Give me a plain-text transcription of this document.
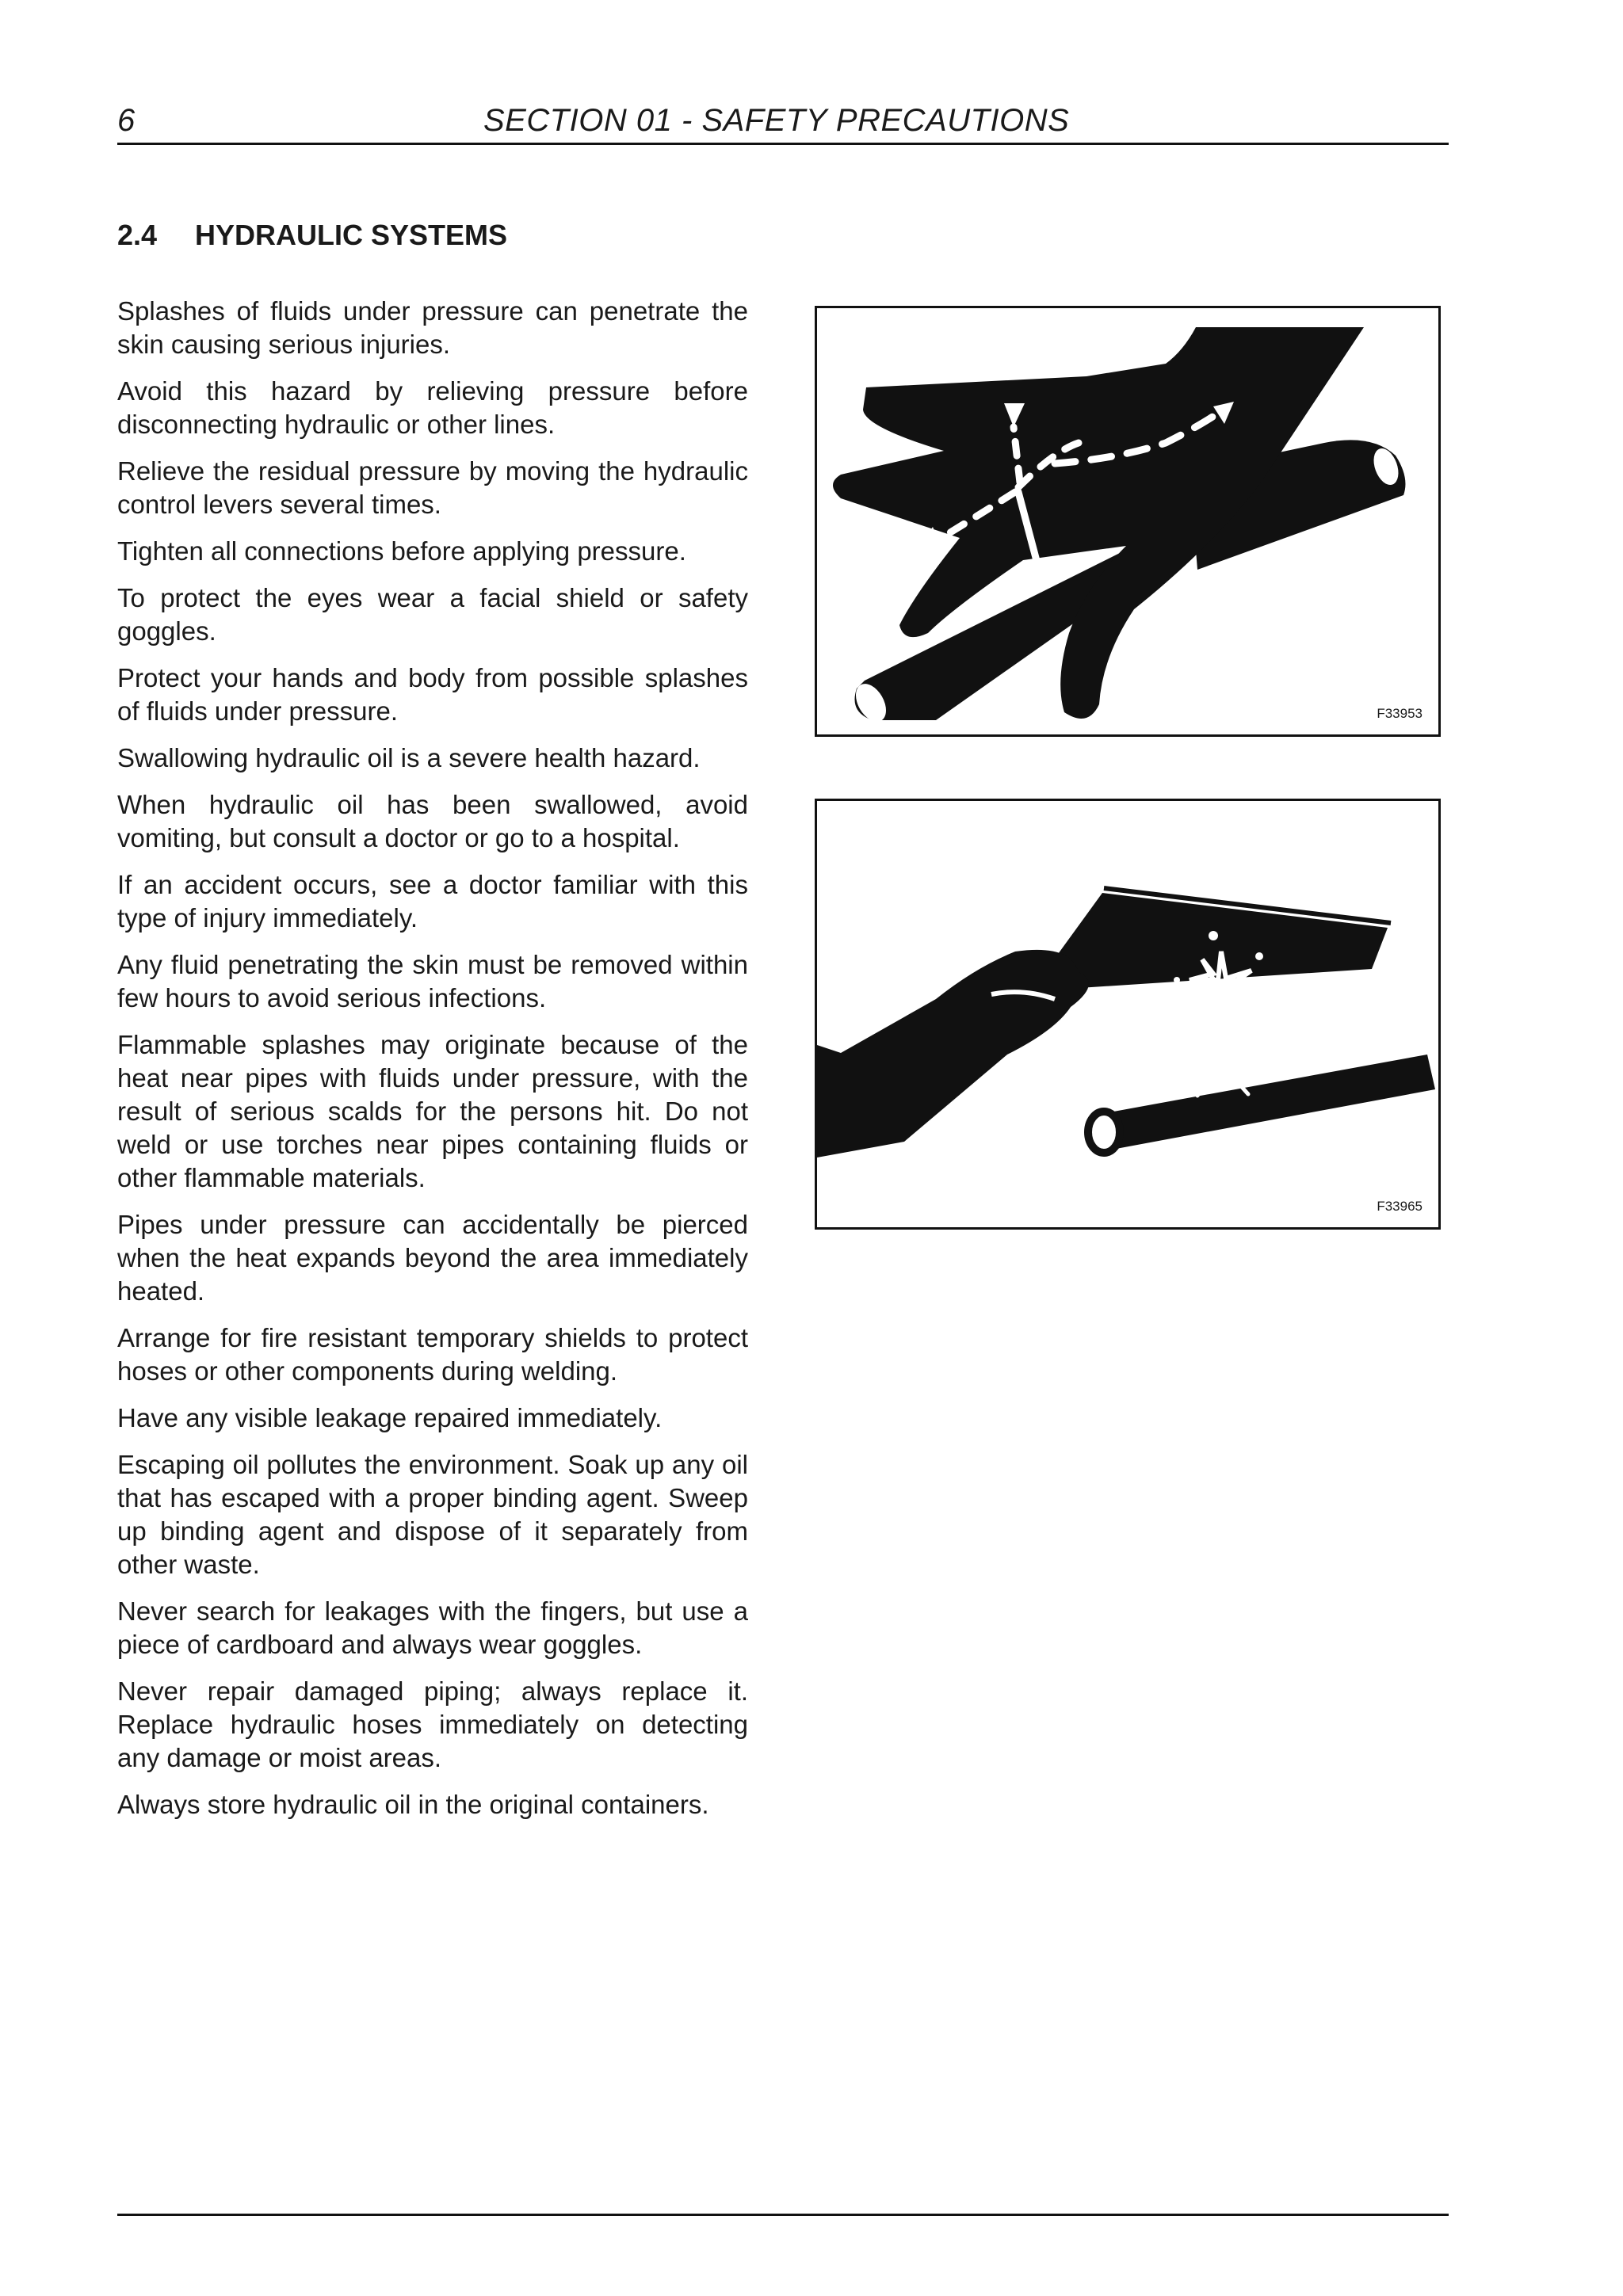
6	SECTION 01 - SAFETY PRECAUTIONS
2.4 HYDRAULIC SYSTEMS

Splashes of fluids under pressure can penetrate the skin causing serious injuries.

Avoid this hazard by relieving pressure before disconnecting hydraulic or other lines.

Relieve the residual pressure by moving the hydraulic control levers several times.

Tighten all connections before applying pressure.

To protect the eyes wear a facial shield or safety goggles.

Protect your hands and body from possible splashes of fluids under pressure.

Swallowing hydraulic oil is a severe health hazard.

When hydraulic oil has been swallowed, avoid vomiting, but consult a doctor or go to a hospital.

If an accident occurs, see a doctor familiar with this type of injury immediately.

Any fluid penetrating the skin must be removed within few hours to avoid serious infections.

Flammable splashes may originate because of the heat near pipes with fluids under pressure, with the result of serious scalds for the persons hit. Do not weld or use torches near pipes containing fluids or other flammable materials.

Pipes under pressure can accidentally be pierced when the heat expands beyond the area immediately heated.

Arrange for fire resistant temporary shields to protect hoses or other components during welding.

Have any visible leakage repaired immediately.

Escaping oil pollutes the environment. Soak up any oil that has escaped with a proper binding agent. Sweep up binding agent and dispose of it separately from other waste.

Never search for leakages with the fingers, but use a piece of cardboard and always wear goggles.

Never repair damaged piping; always replace it. Replace hydraulic hoses immediately on detecting any damage or moist areas.

Always store hydraulic oil in the original containers.

F33953
F33965
